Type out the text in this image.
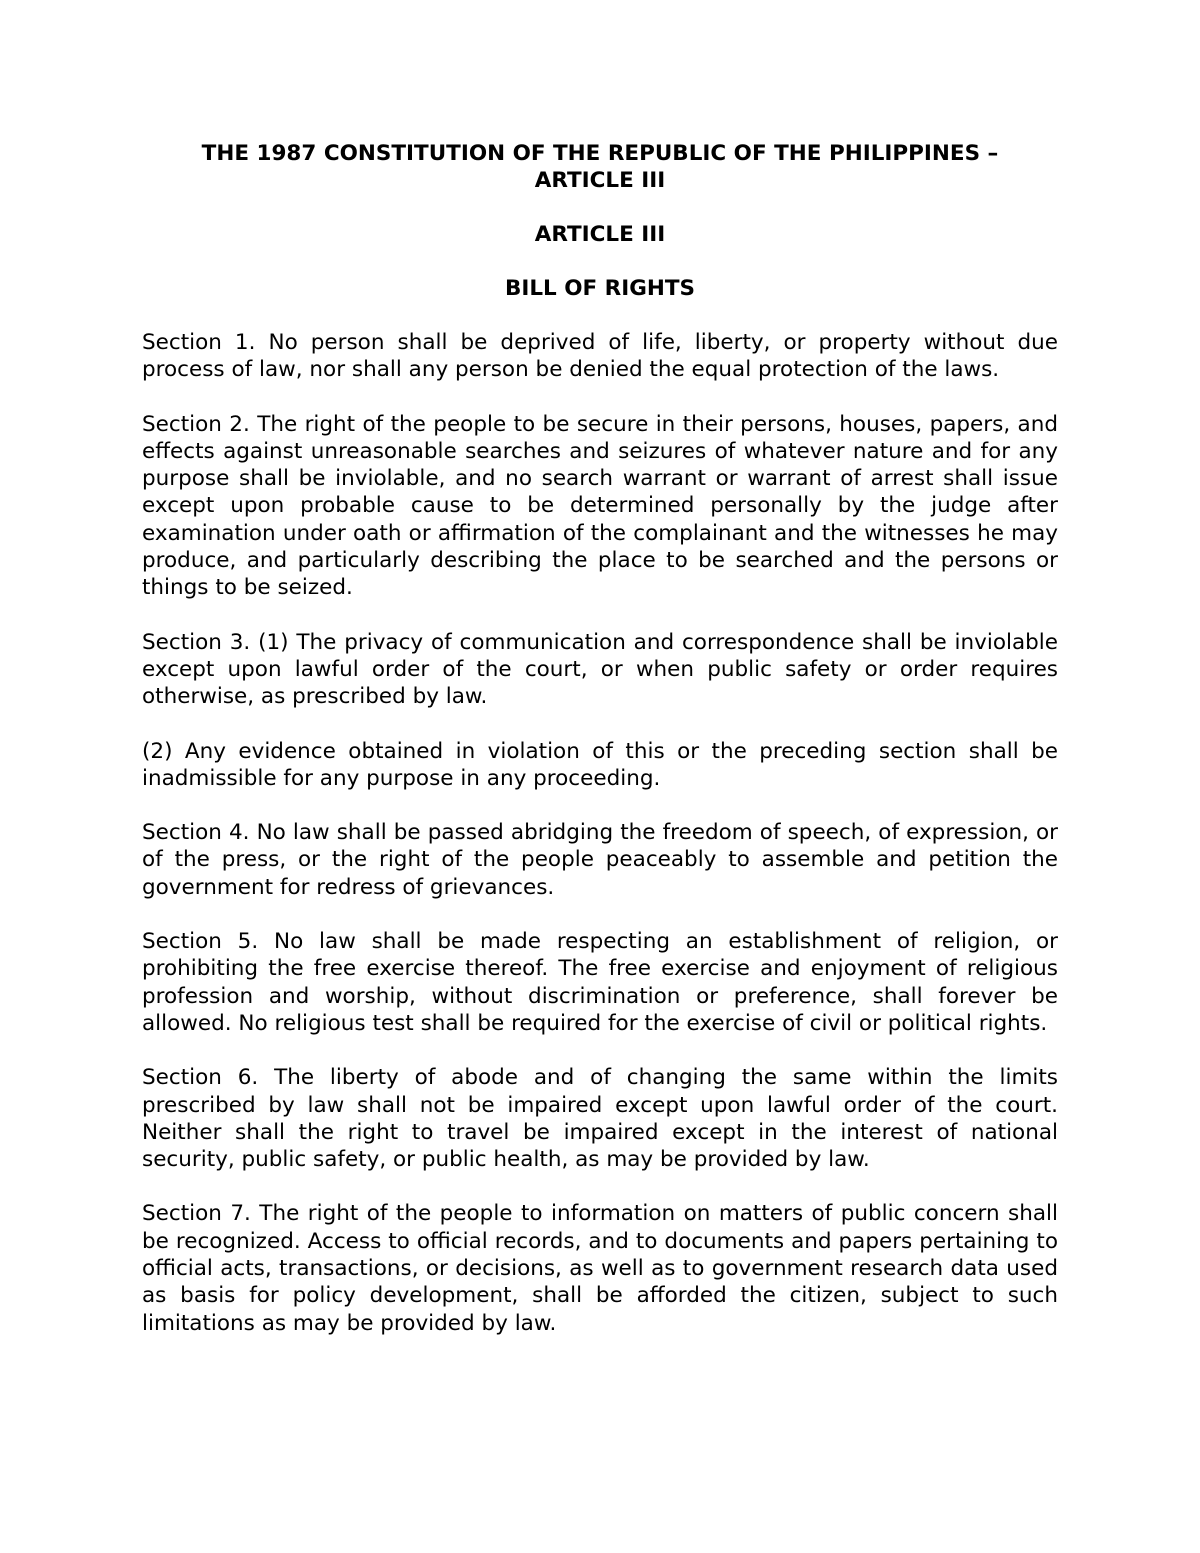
THE 1987 CONSTITUTION OF THE REPUBLIC OF THE PHILIPPINES –
ARTICLE III
ARTICLE III
BILL OF RIGHTS

Section 1. No person shall be deprived of life, liberty, or property without due process of law, nor shall any person be denied the equal protection of the laws.

Section 2. The right of the people to be secure in their persons, houses, papers, and effects against unreasonable searches and seizures of whatever nature and for any purpose shall be inviolable, and no search warrant or warrant of arrest shall issue except upon probable cause to be determined personally by the judge after examination under oath or affirmation of the complainant and the witnesses he may produce, and particularly describing the place to be searched and the persons or things to be seized.

Section 3. (1) The privacy of communication and correspondence shall be inviolable except upon lawful order of the court, or when public safety or order requires otherwise, as prescribed by law.

(2) Any evidence obtained in violation of this or the preceding section shall be inadmissible for any purpose in any proceeding.

Section 4. No law shall be passed abridging the freedom of speech, of expression, or of the press, or the right of the people peaceably to assemble and petition the government for redress of grievances.

Section 5. No law shall be made respecting an establishment of religion, or prohibiting the free exercise thereof. The free exercise and enjoyment of religious profession and worship, without discrimination or preference, shall forever be allowed. No religious test shall be required for the exercise of civil or political rights.

Section 6. The liberty of abode and of changing the same within the limits prescribed by law shall not be impaired except upon lawful order of the court. Neither shall the right to travel be impaired except in the interest of national security, public safety, or public health, as may be provided by law.

Section 7. The right of the people to information on matters of public concern shall be recognized. Access to official records, and to documents and papers pertaining to official acts, transactions, or decisions, as well as to government research data used as basis for policy development, shall be afforded the citizen, subject to such limitations as may be provided by law.
